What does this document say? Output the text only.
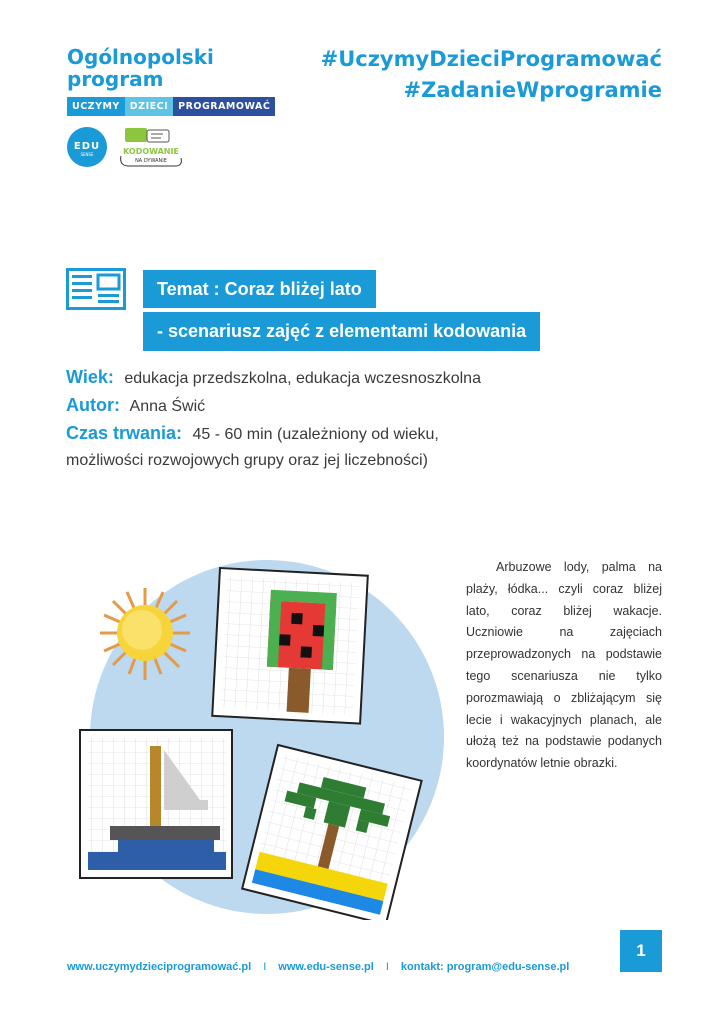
Ogólnopolski
program
UCZYMY	DZIECI	PROGRAMOWAĆ
EDU
SENSE	KODOWANIE
NA DYWANIE
#UczymyDzieciProgramować
#ZadanieWprogramie
Temat : Coraz bliżej lato
- scenariusz zajęć z elementami kodowania
Wiek: edukacja przedszkolna, edukacja wczesnoszkolna
Autor: Anna Świć
Czas trwania: 45 - 60 min (uzależniony od wieku,
możliwości rozwojowych grupy oraz jej liczebności)
Arbuzowe lody, palma na plaży, łódka... czyli coraz bliżej lato, coraz bliżej wakacje. Uczniowie na zajęciach przeprowadzonych na podstawie tego scenariusza nie tylko porozmawiają o zbliżającym się lecie i wakacyjnych planach, ale ułożą też na podstawie podanych koordynatów letnie obrazki.
1
www.uczymydzieciprogramować.pl I www.edu-sense.pl I kontakt: program@edu-sense.pl
